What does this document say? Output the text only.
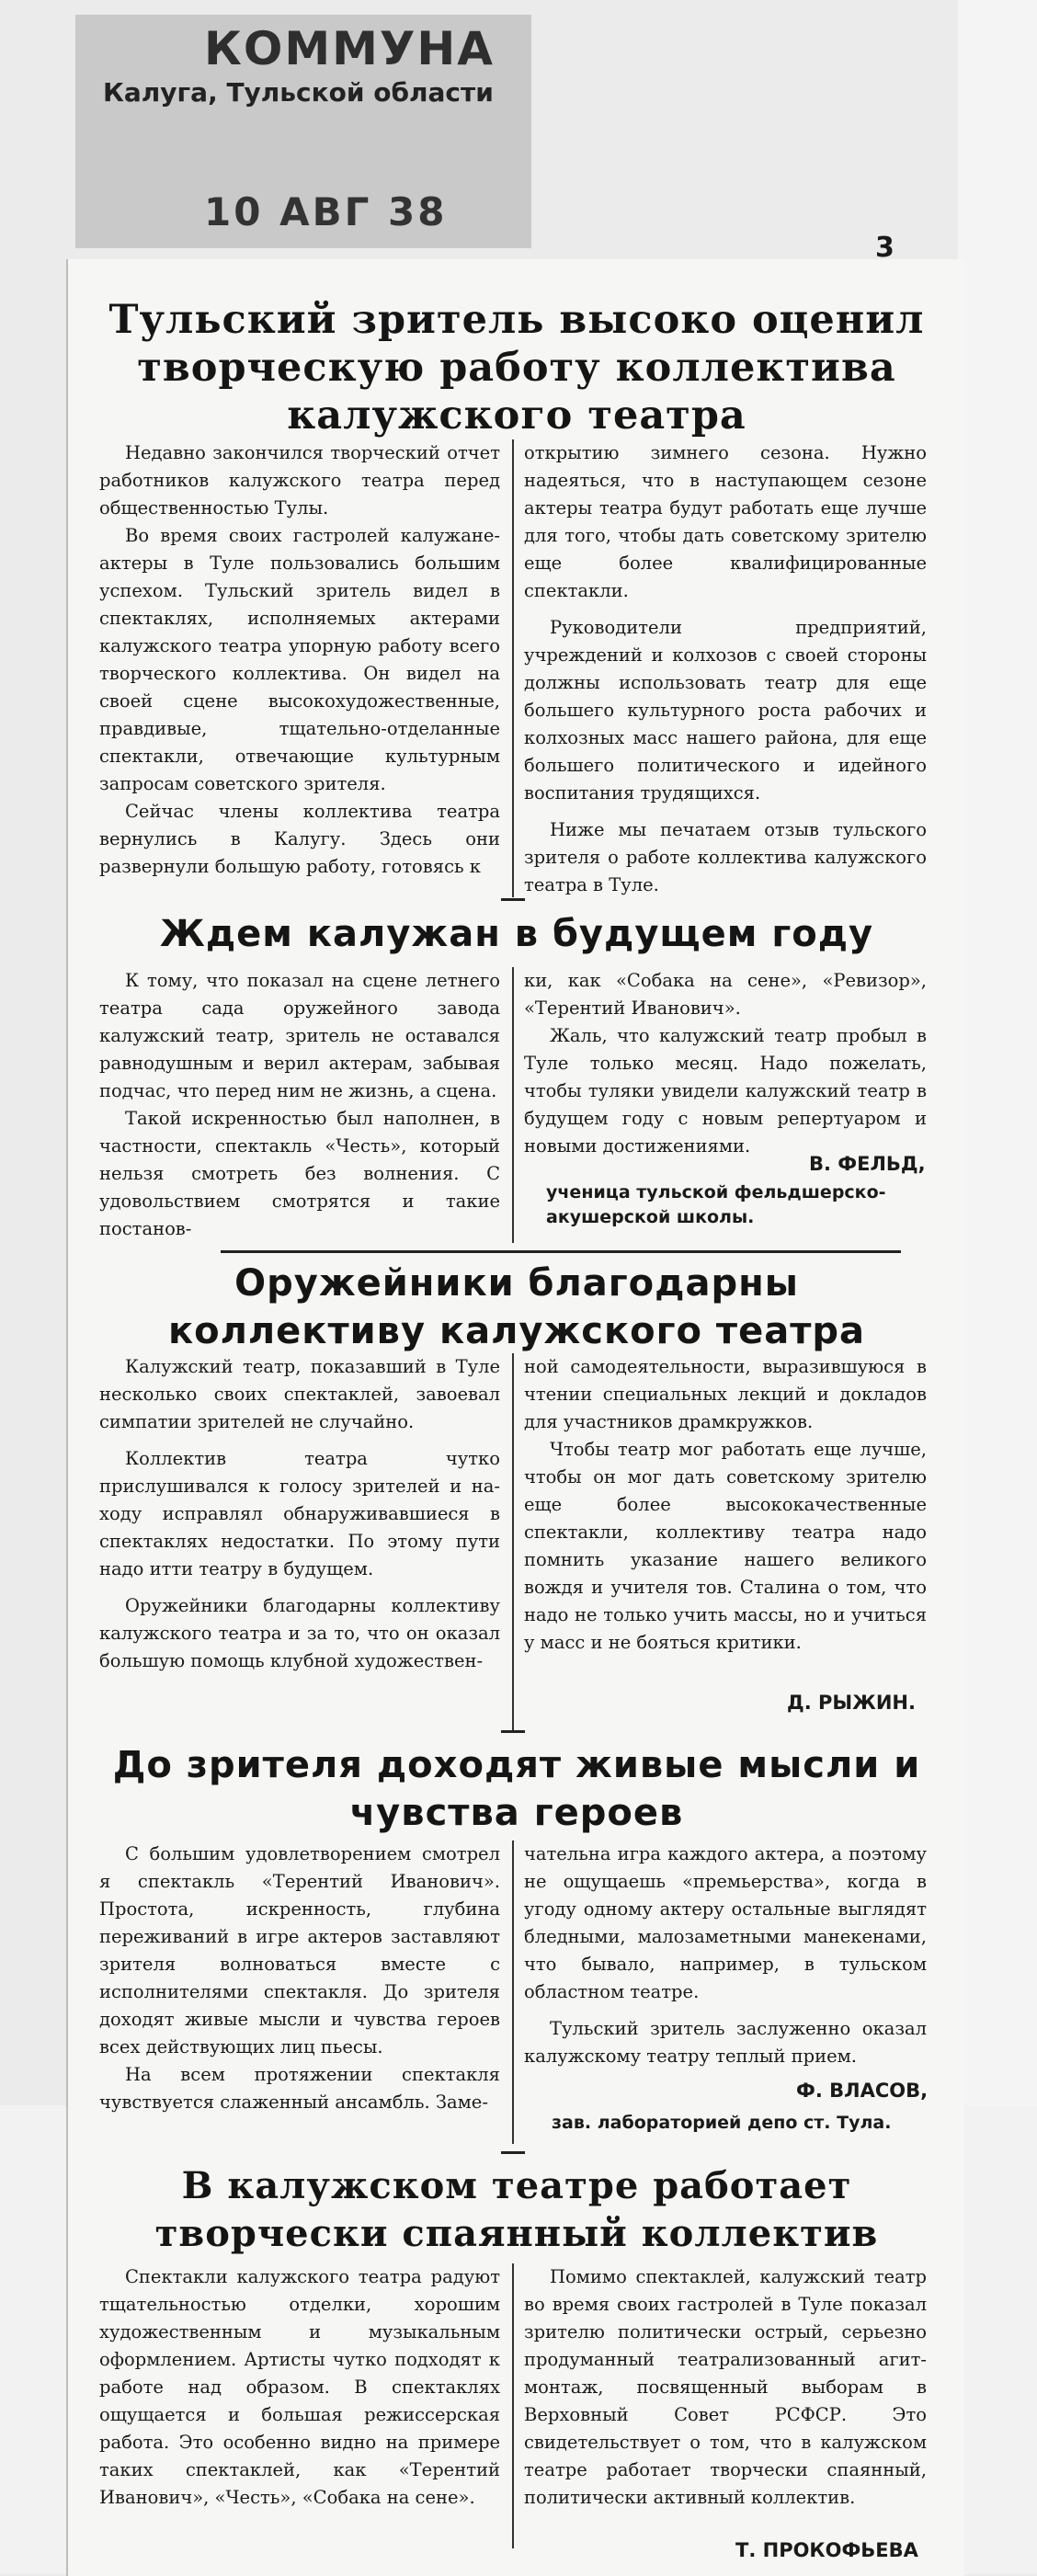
КОММУНА
Калуга, Тульской области
10 АВГ 38
3
Тульский зритель высоко оценил творческую работу коллектива калужского театра

Недавно закончился творческий отчет работников калужского театра перед общественностью Тулы.

Во время своих гастролей калужане-актеры в Туле пользовались большим успехом. Тульский зритель видел в спектаклях, исполняемых актерами калужского театра упорную работу всего творческого коллектива. Он видел на своей сцене высокохудожественные, правдивые, тщательно-отделанные спектакли, отвечающие культурным запросам советского зрителя.

Сейчас члены коллектива театра вернулись в Калугу. Здесь они развернули большую работу, готовясь к

открытию зимнего сезона. Нужно надеяться, что в наступающем сезоне актеры театра будут работать еще лучше для того, чтобы дать советскому зрителю еще более квалифицированные спектакли.

Руководители предприятий, учреждений и колхозов с своей стороны должны использовать театр для еще большего культурного роста рабочих и колхозных масс нашего района, для еще большего политического и идейного воспитания трудящихся.

Ниже мы печатаем отзыв тульского зрителя о работе коллектива калужского театра в Туле.

Ждем калужан в будущем году

К тому, что показал на сцене летнего театра сада оружейного завода калужский театр, зритель не оставался равнодушным и верил актерам, забывая подчас, что перед ним не жизнь, а сцена.

Такой искренностью был наполнен, в частности, спектакль «Честь», который нельзя смотреть без волнения. С удовольствием смотрятся и такие постанов-

ки, как «Собака на сене», «Ревизор», «Терентий Иванович».

Жаль, что калужский театр пробыл в Туле только месяц. Надо пожелать, чтобы туляки увидели калужский театр в будущем году с новым репертуаром и новыми достижениями.

В. ФЕЛЬД,
ученица тульской фельдшерско-акушерской школы.
Оружейники благодарны коллективу калужского театра

Калужский театр, показавший в Туле несколько своих спектаклей, завоевал симпатии зрителей не случайно.

Коллектив театра чутко прислушивался к голосу зрителей и на-ходу исправлял обнаруживавшиеся в спектаклях недостатки. По этому пути надо итти театру в будущем.

Оружейники благодарны коллективу калужского театра и за то, что он оказал большую помощь клубной художествен-

ной самодеятельности, выразившуюся в чтении специальных лекций и докладов для участников драмкружков.

Чтобы театр мог работать еще лучше, чтобы он мог дать советскому зрителю еще более высококачественные спектакли, коллективу театра надо помнить указание нашего великого вождя и учителя тов. Сталина о том, что надо не только учить массы, но и учиться у масс и не бояться критики.

Д. РЫЖИН.
До зрителя доходят живые мысли и чувства героев

С большим удовлетворением смотрел я спектакль «Терентий Иванович». Простота, искренность, глубина переживаний в игре актеров заставляют зрителя волноваться вместе с исполнителями спектакля. До зрителя доходят живые мысли и чувства героев всех действующих лиц пьесы.

На всем протяжении спектакля чувствуется слаженный ансамбль. Заме-

чательна игра каждого актера, а поэтому не ощущаешь «премьерства», когда в угоду одному актеру остальные выглядят бледными, малозаметными манекенами, что бывало, например, в тульском областном театре.

Тульский зритель заслуженно оказал калужскому театру теплый прием.

Ф. ВЛАСОВ,
зав. лабораторией депо ст. Тула.
В калужском театре работает творчески спаянный коллектив

Спектакли калужского театра радуют тщательностью отделки, хорошим художественным и музыкальным оформлением. Артисты чутко подходят к работе над образом. В спектаклях ощущается и большая режиссерская работа. Это особенно видно на примере таких спектаклей, как «Терентий Иванович», «Честь», «Собака на сене».

Помимо спектаклей, калужский театр во время своих гастролей в Туле показал зрителю политически острый, серьезно продуманный театрализованный агит-монтаж, посвященный выборам в Верховный Совет РСФСР. Это свидетельствует о том, что в калужском театре работает творчески спаянный, политически активный коллектив.

Т. ПРОКОФЬЕВА
